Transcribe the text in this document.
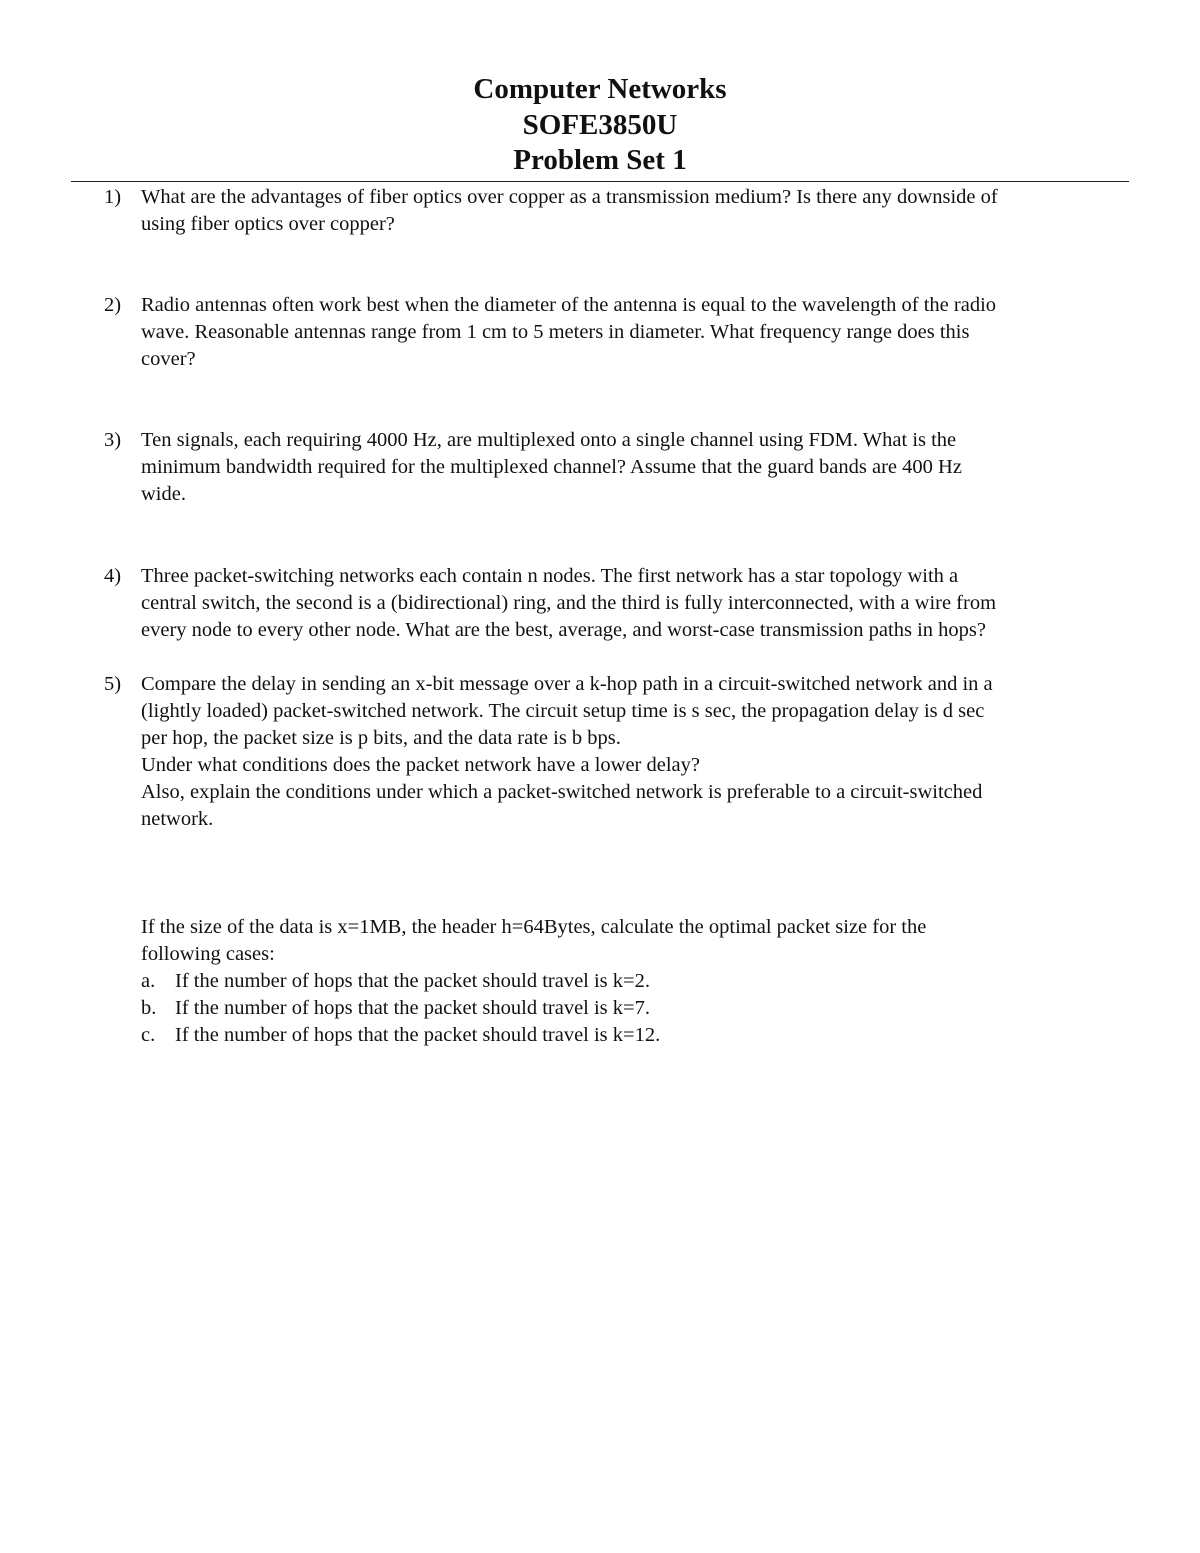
Computer Networks
SOFE3850U
Problem Set 1
1) What are the advantages of fiber optics over copper as a transmission medium? Is there any downside of
using fiber optics over copper?
2) Radio antennas often work best when the diameter of the antenna is equal to the wavelength of the radio
wave. Reasonable antennas range from 1 cm to 5 meters in diameter. What frequency range does this
cover?
3) Ten signals, each requiring 4000 Hz, are multiplexed onto a single channel using FDM. What is the
minimum bandwidth required for the multiplexed channel? Assume that the guard bands are 400 Hz
wide.
4) Three packet-switching networks each contain n nodes. The first network has a star topology with a
central switch, the second is a (bidirectional) ring, and the third is fully interconnected, with a wire from
every node to every other node. What are the best, average, and worst-case transmission paths in hops?
5) Compare the delay in sending an x-bit message over a k-hop path in a circuit-switched network and in a
(lightly loaded) packet-switched network. The circuit setup time is s sec, the propagation delay is d sec
per hop, the packet size is p bits, and the data rate is b bps.
Under what conditions does the packet network have a lower delay?
Also, explain the conditions under which a packet-switched network is preferable to a circuit-switched
network.
If the size of the data is x=1MB, the header h=64Bytes, calculate the optimal packet size for the
following cases:
a. If the number of hops that the packet should travel is k=2.
b. If the number of hops that the packet should travel is k=7.
c. If the number of hops that the packet should travel is k=12.
